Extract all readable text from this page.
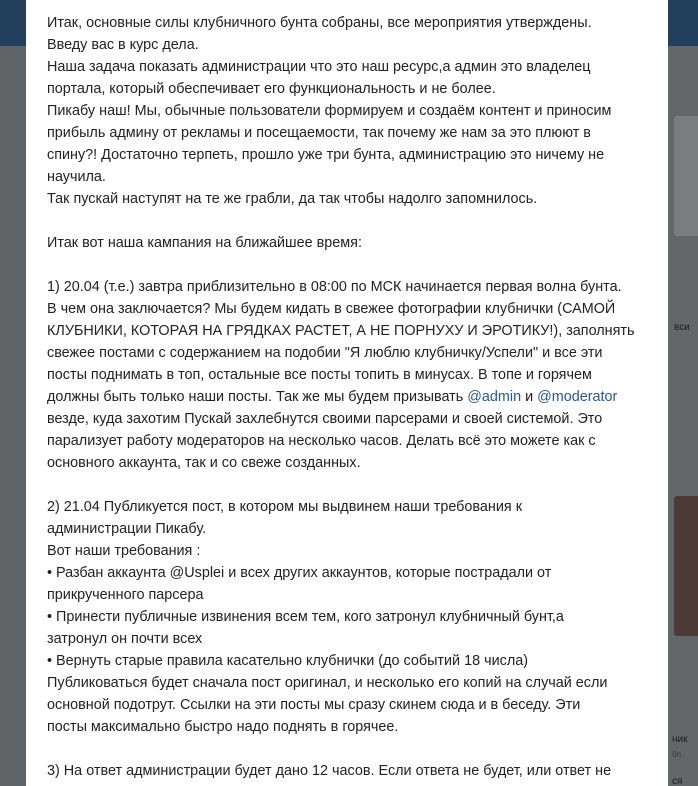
вси
ник
бп
ся

Итак, основные силы клубничного бунта собраны, все мероприятия утверждены.

Введу вас в курс дела.

Наша задача показать администрации что это наш ресурс,а админ это владелец

портала, который обеспечивает его функциональность и не более.

Пикабу наш! Мы, обычные пользователи формируем и создаём контент и приносим

прибыль админу от рекламы и посещаемости, так почему же нам за это плюют в

спину?! Достаточно терпеть, прошло уже три бунта, администрацию это ничему не

научила.

Так пускай наступят на те же грабли, да так чтобы надолго запомнилось.

Итак вот наша кампания на ближайшее время:

1) 20.04 (т.е.) завтра приблизительно в 08:00 по МСК начинается первая волна бунта.

В чем она заключается? Мы будем кидать в свежее фотографии клубнички (САМОЙ

КЛУБНИКИ, КОТОРАЯ НА ГРЯДКАХ РАСТЕТ, А НЕ ПОРНУХУ И ЭРОТИКУ!), заполнять

свежее постами с содержанием на подобии "Я люблю клубничку/Успели" и все эти

посты поднимать в топ, остальные все посты топить в минусах. В топе и горячем

должны быть только наши посты. Так же мы будем призывать @admin и @moderator

везде, куда захотим Пускай захлебнутся своими парсерами и своей системой. Это

парализует работу модераторов на несколько часов. Делать всё это можете как с

основного аккаунта, так и со свеже созданных.

2) 21.04 Публикуется пост, в котором мы выдвинем наши требования к

администрации Пикабу.

Вот наши требования :

• Разбан аккаунта @Usplei и всех других аккаунтов, которые пострадали от

прикрученного парсера

• Принести публичные извинения всем тем, кого затронул клубничный бунт,а

затронул он почти всех

• Вернуть старые правила касательно клубнички (до событий 18 числа)

Публиковаться будет сначала пост оригинал, и несколько его копий на случай если

основной подотрут. Ссылки на эти посты мы сразу скинем сюда и в беседу. Эти

посты максимально быстро надо поднять в горячее.

3) На ответ администрации будет дано 12 часов. Если ответа не будет, или ответ не
